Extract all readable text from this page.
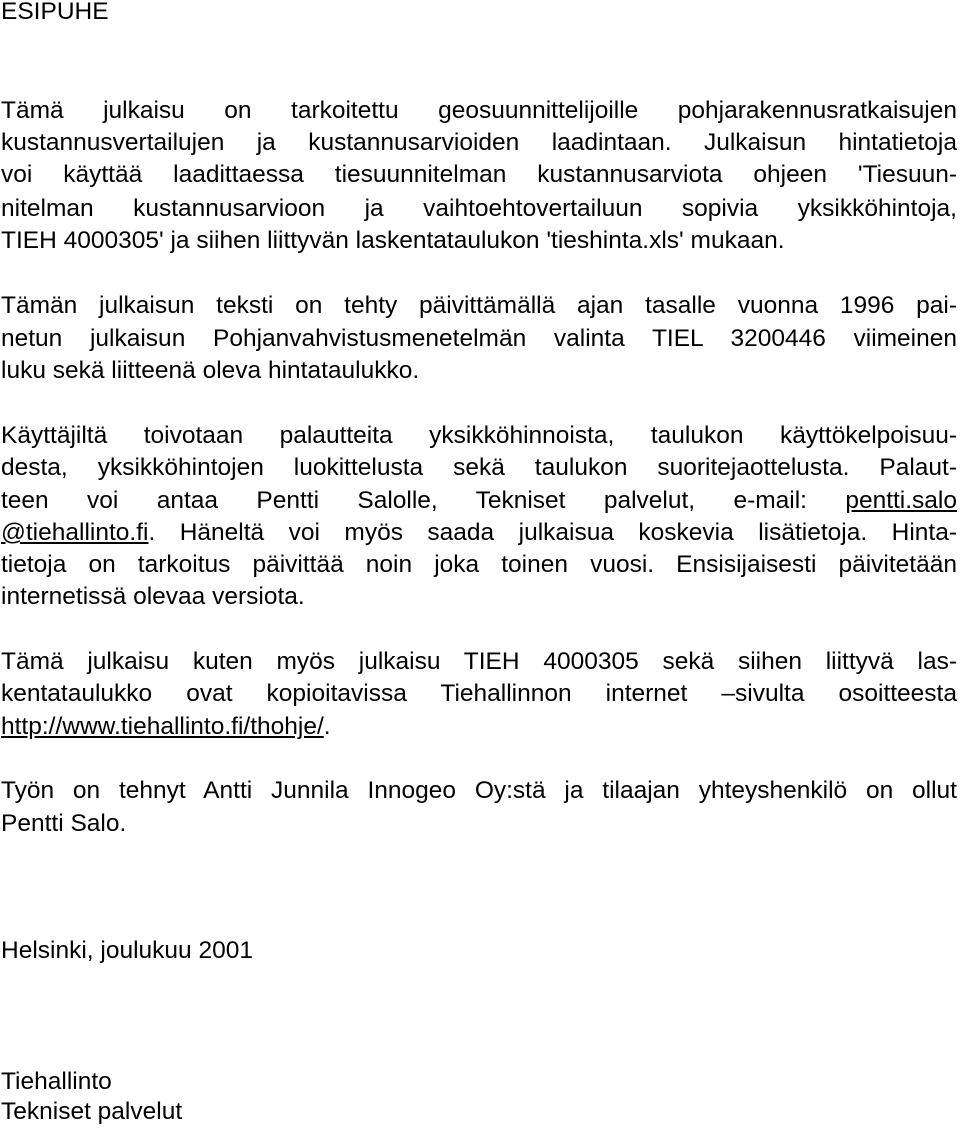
ESIPUHE
Tämä julkaisu on tarkoitettu geosuunnittelijoille pohjarakennusratkaisujen
kustannusvertailujen ja kustannusarvioiden laadintaan. Julkaisun hintatietoja
voi käyttää laadittaessa tiesuunnitelman kustannusarviota ohjeen 'Tiesuun-
nitelman kustannusarvioon ja vaihtoehtovertailuun sopivia yksikköhintoja,
TIEH 4000305' ja siihen liittyvän laskentataulukon 'tieshinta.xls' mukaan.
Tämän julkaisun teksti on tehty päivittämällä ajan tasalle vuonna 1996 pai-
netun julkaisun Pohjanvahvistusmenetelmän valinta TIEL 3200446 viimeinen
luku sekä liitteenä oleva hintataulukko.
Käyttäjiltä toivotaan palautteita yksikköhinnoista, taulukon käyttökelpoisuu-
desta, yksikköhintojen luokittelusta sekä taulukon suoritejaottelusta. Palaut-
teen voi antaa Pentti Salolle, Tekniset palvelut, e-mail: pentti.salo
@tiehallinto.fi. Häneltä voi myös saada julkaisua koskevia lisätietoja. Hinta-
tietoja on tarkoitus päivittää noin joka toinen vuosi. Ensisijaisesti päivitetään
internetissä olevaa versiota.
Tämä julkaisu kuten myös julkaisu TIEH 4000305 sekä siihen liittyvä las-
kentataulukko ovat kopioitavissa Tiehallinnon internet –sivulta osoitteesta
http://www.tiehallinto.fi/thohje/.
Työn on tehnyt Antti Junnila Innogeo Oy:stä ja tilaajan yhteyshenkilö on ollut
Pentti Salo.
Helsinki, joulukuu 2001
Tiehallinto
Tekniset palvelut
